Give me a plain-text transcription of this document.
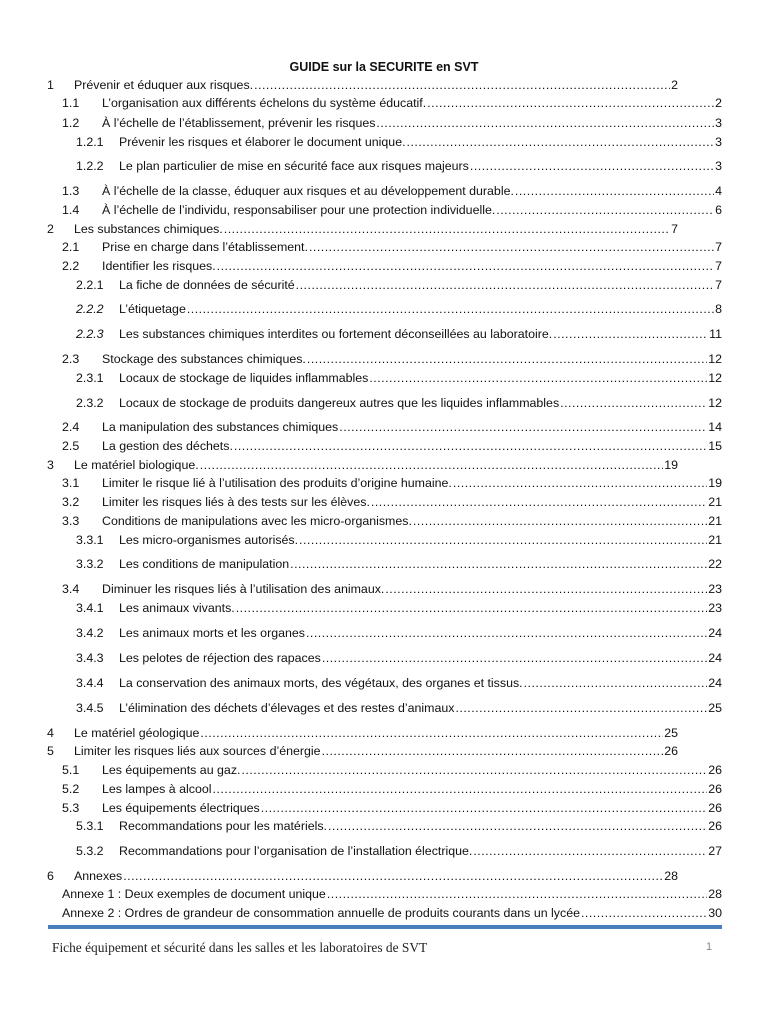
GUIDE sur la SECURITE en SVT
1	Prévenir et éduquer aux risques. .....	2
1.1	L’organisation aux différents échelons du système éducatif. .....	2
1.2	À l’échelle de l’établissement, prévenir les risques .....	3
1.2.1	Prévenir les risques et élaborer le document unique. .....	3
1.2.2	Le plan particulier de mise en sécurité face aux risques majeurs .....	3
1.3	À l’échelle de la classe, éduquer aux risques et au développement durable. .....	4
1.4	À l’échelle de l’individu, responsabiliser pour une protection individuelle. .....	6
2	Les substances chimiques. .....	7
2.1	Prise en charge dans l’établissement. .....	7
2.2	Identifier les risques. .....	7
2.2.1	La fiche de données de sécurité .....	7
2.2.2	L’étiquetage .....	8
2.2.3	Les substances chimiques interdites ou fortement déconseillées au laboratoire. .....	11
2.3	Stockage des substances chimiques. .....	12
2.3.1	Locaux de stockage de liquides inflammables .....	12
2.3.2	Locaux de stockage de produits dangereux autres que les liquides inflammables .....	12
2.4	La manipulation des substances chimiques .....	14
2.5	La gestion des déchets. .....	15
3	Le matériel biologique. .....	19
3.1	Limiter le risque lié à l’utilisation des produits d’origine humaine. .....	19
3.2	Limiter les risques liés à des tests sur les élèves. .....	21
3.3	Conditions de manipulations avec les micro-organismes. .....	21
3.3.1	Les micro-organismes autorisés. .....	21
3.3.2	Les conditions de manipulation .....	22
3.4	Diminuer les risques liés à l’utilisation des animaux. .....	23
3.4.1	Les animaux vivants. .....	23
3.4.2	Les animaux morts et les organes .....	24
3.4.3	Les pelotes de réjection des rapaces .....	24
3.4.4	La conservation des animaux morts, des végétaux, des organes et tissus. .....	24
3.4.5	L’élimination des déchets d’élevages et des restes d’animaux .....	25
4	Le matériel géologique .....	25
5	Limiter les risques liés aux sources d’énergie .....	26
5.1	Les équipements au gaz. .....	26
5.2	Les lampes à alcool .....	26
5.3	Les équipements électriques .....	26
5.3.1	Recommandations pour les matériels. .....	26
5.3.2	Recommandations pour l’organisation de l’installation électrique. .....	27
6	Annexes .....	28
Annexe 1 : Deux exemples de document unique .....	28
Annexe 2 : Ordres de grandeur de consommation annuelle de produits courants dans un lycée .....	30
Fiche équipement et sécurité dans les salles et les laboratoires de SVT	1
